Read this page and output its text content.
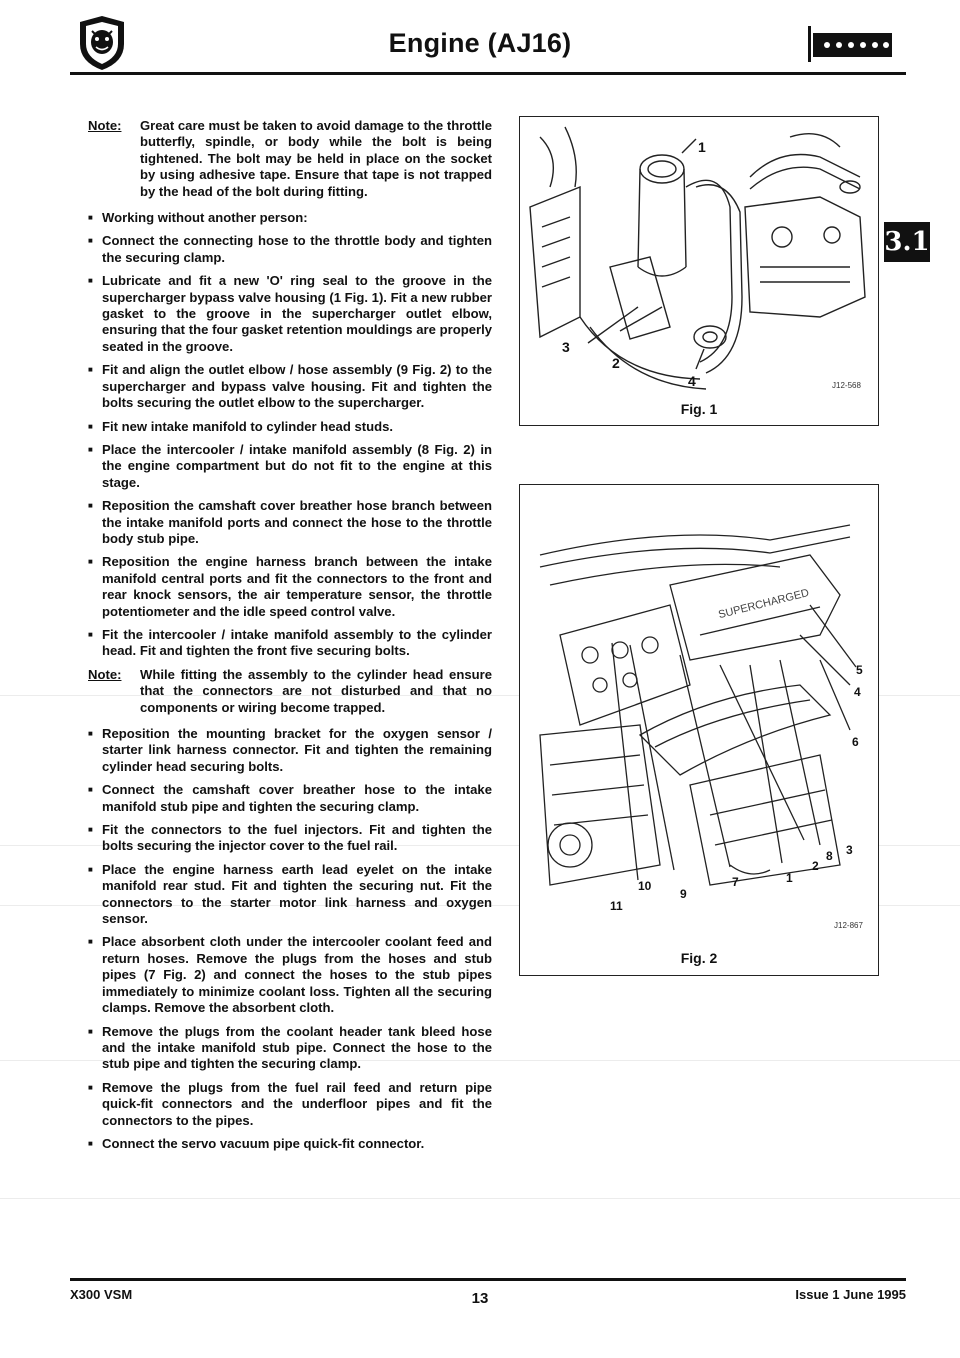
Engine (AJ16)
3.1
Note:	Great care must be taken to avoid damage to the throttle butterfly, spindle, or body while the bolt is being tightened. The bolt may be held in place on the socket by using adhesive tape. Ensure that tape is not trapped by the head of the bolt during fitting.
■ Working without another person:
■ Connect the connecting hose to the throttle body and tighten the securing clamp.
■ Lubricate and fit a new 'O' ring seal to the groove in the supercharger bypass valve housing (1 Fig. 1). Fit a new rubber gasket to the groove in the supercharger outlet elbow, ensuring that the four gasket retention mouldings are properly seated in the groove.
■ Fit and align the outlet elbow / hose assembly (9 Fig. 2) to the supercharger and bypass valve housing. Fit and tighten the bolts securing the outlet elbow to the supercharger.
■ Fit new intake manifold to cylinder head studs.
■ Place the intercooler / intake manifold assembly (8 Fig. 2) in the engine compartment but do not fit to the engine at this stage.
■ Reposition the camshaft cover breather hose branch between the intake manifold ports and connect the hose to the throttle body stub pipe.
■ Reposition the engine harness branch between the intake manifold central ports and fit the connectors to the front and rear knock sensors, the air temperature sensor, the throttle potentiometer and the idle speed control valve.
■ Fit the intercooler / intake manifold assembly to the cylinder head. Fit and tighten the front five securing bolts.
Note:	While fitting the assembly to the cylinder head ensure that the connectors are not disturbed and that no components or wiring become trapped.
■ Reposition the mounting bracket for the oxygen sensor / starter link harness connector. Fit and tighten the remaining cylinder head securing bolts.
■ Connect the camshaft cover breather hose to the intake manifold stub pipe and tighten the securing clamp.
■ Fit the connectors to the fuel injectors. Fit and tighten the bolts securing the injector cover to the fuel rail.
■ Place the engine harness earth lead eyelet on the intake manifold rear stud. Fit and tighten the securing nut. Fit the connectors to the starter motor link harness and oxygen sensor.
■ Place absorbent cloth under the intercooler coolant feed and return hoses. Remove the plugs from the hoses and stub pipes (7 Fig. 2) and connect the hoses to the stub pipes immediately to minimize coolant loss. Tighten all the securing clamps. Remove the absorbent cloth.
■ Remove the plugs from the coolant header tank bleed hose and the intake manifold stub pipe. Connect the hose to the stub pipe and tighten the securing clamp.
■ Remove the plugs from the fuel rail feed and return pipe quick-fit connectors and the underfloor pipes and fit the connectors to the pipes.
■ Connect the servo vacuum pipe quick-fit connector.
J12-568
1
2
3
4
Fig. 1
SUPERCHARGED
J12-867
1
2
3
4
5
6
7
8
9
10
11
Fig. 2
X300 VSM	13	Issue 1 June 1995
